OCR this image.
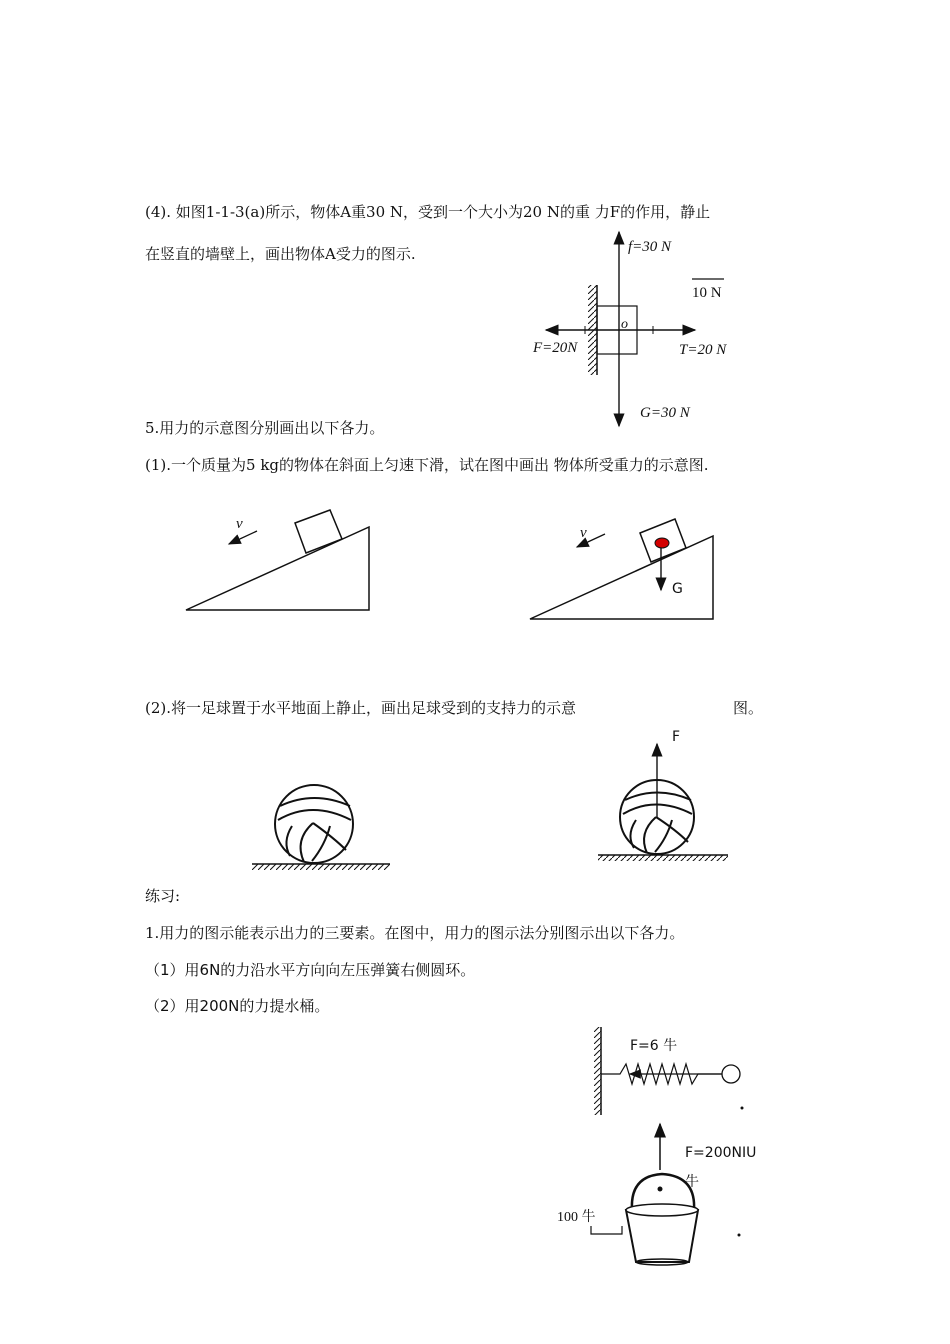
(4). 如图1-1-3(a)所示，物体A重30 N，受到一个大小为20 N的重 力F的作用，静止
在竖直的墙壁上，画出物体A受力的图示.
5.用力的示意图分别画出以下各力。
(1).一个质量为5 kg的物体在斜面上匀速下滑，试在图中画出 物体所受重力的示意图.
(2).将一足球置于水平地面上静止，画出足球受到的支持力的示意	图。
练习:
1.用力的图示能表示出力的三要素。在图中，用力的图示法分别图示出以下各力。
（1）用6N的力沿水平方向向左压弹簧右侧圆环。
（2）用200N的力提水桶。
f=30 N
10 N
o
F=20N	T=20 N
G=30 N
v
v
G
F
F=6 牛
F=200NIU
牛
100 牛
